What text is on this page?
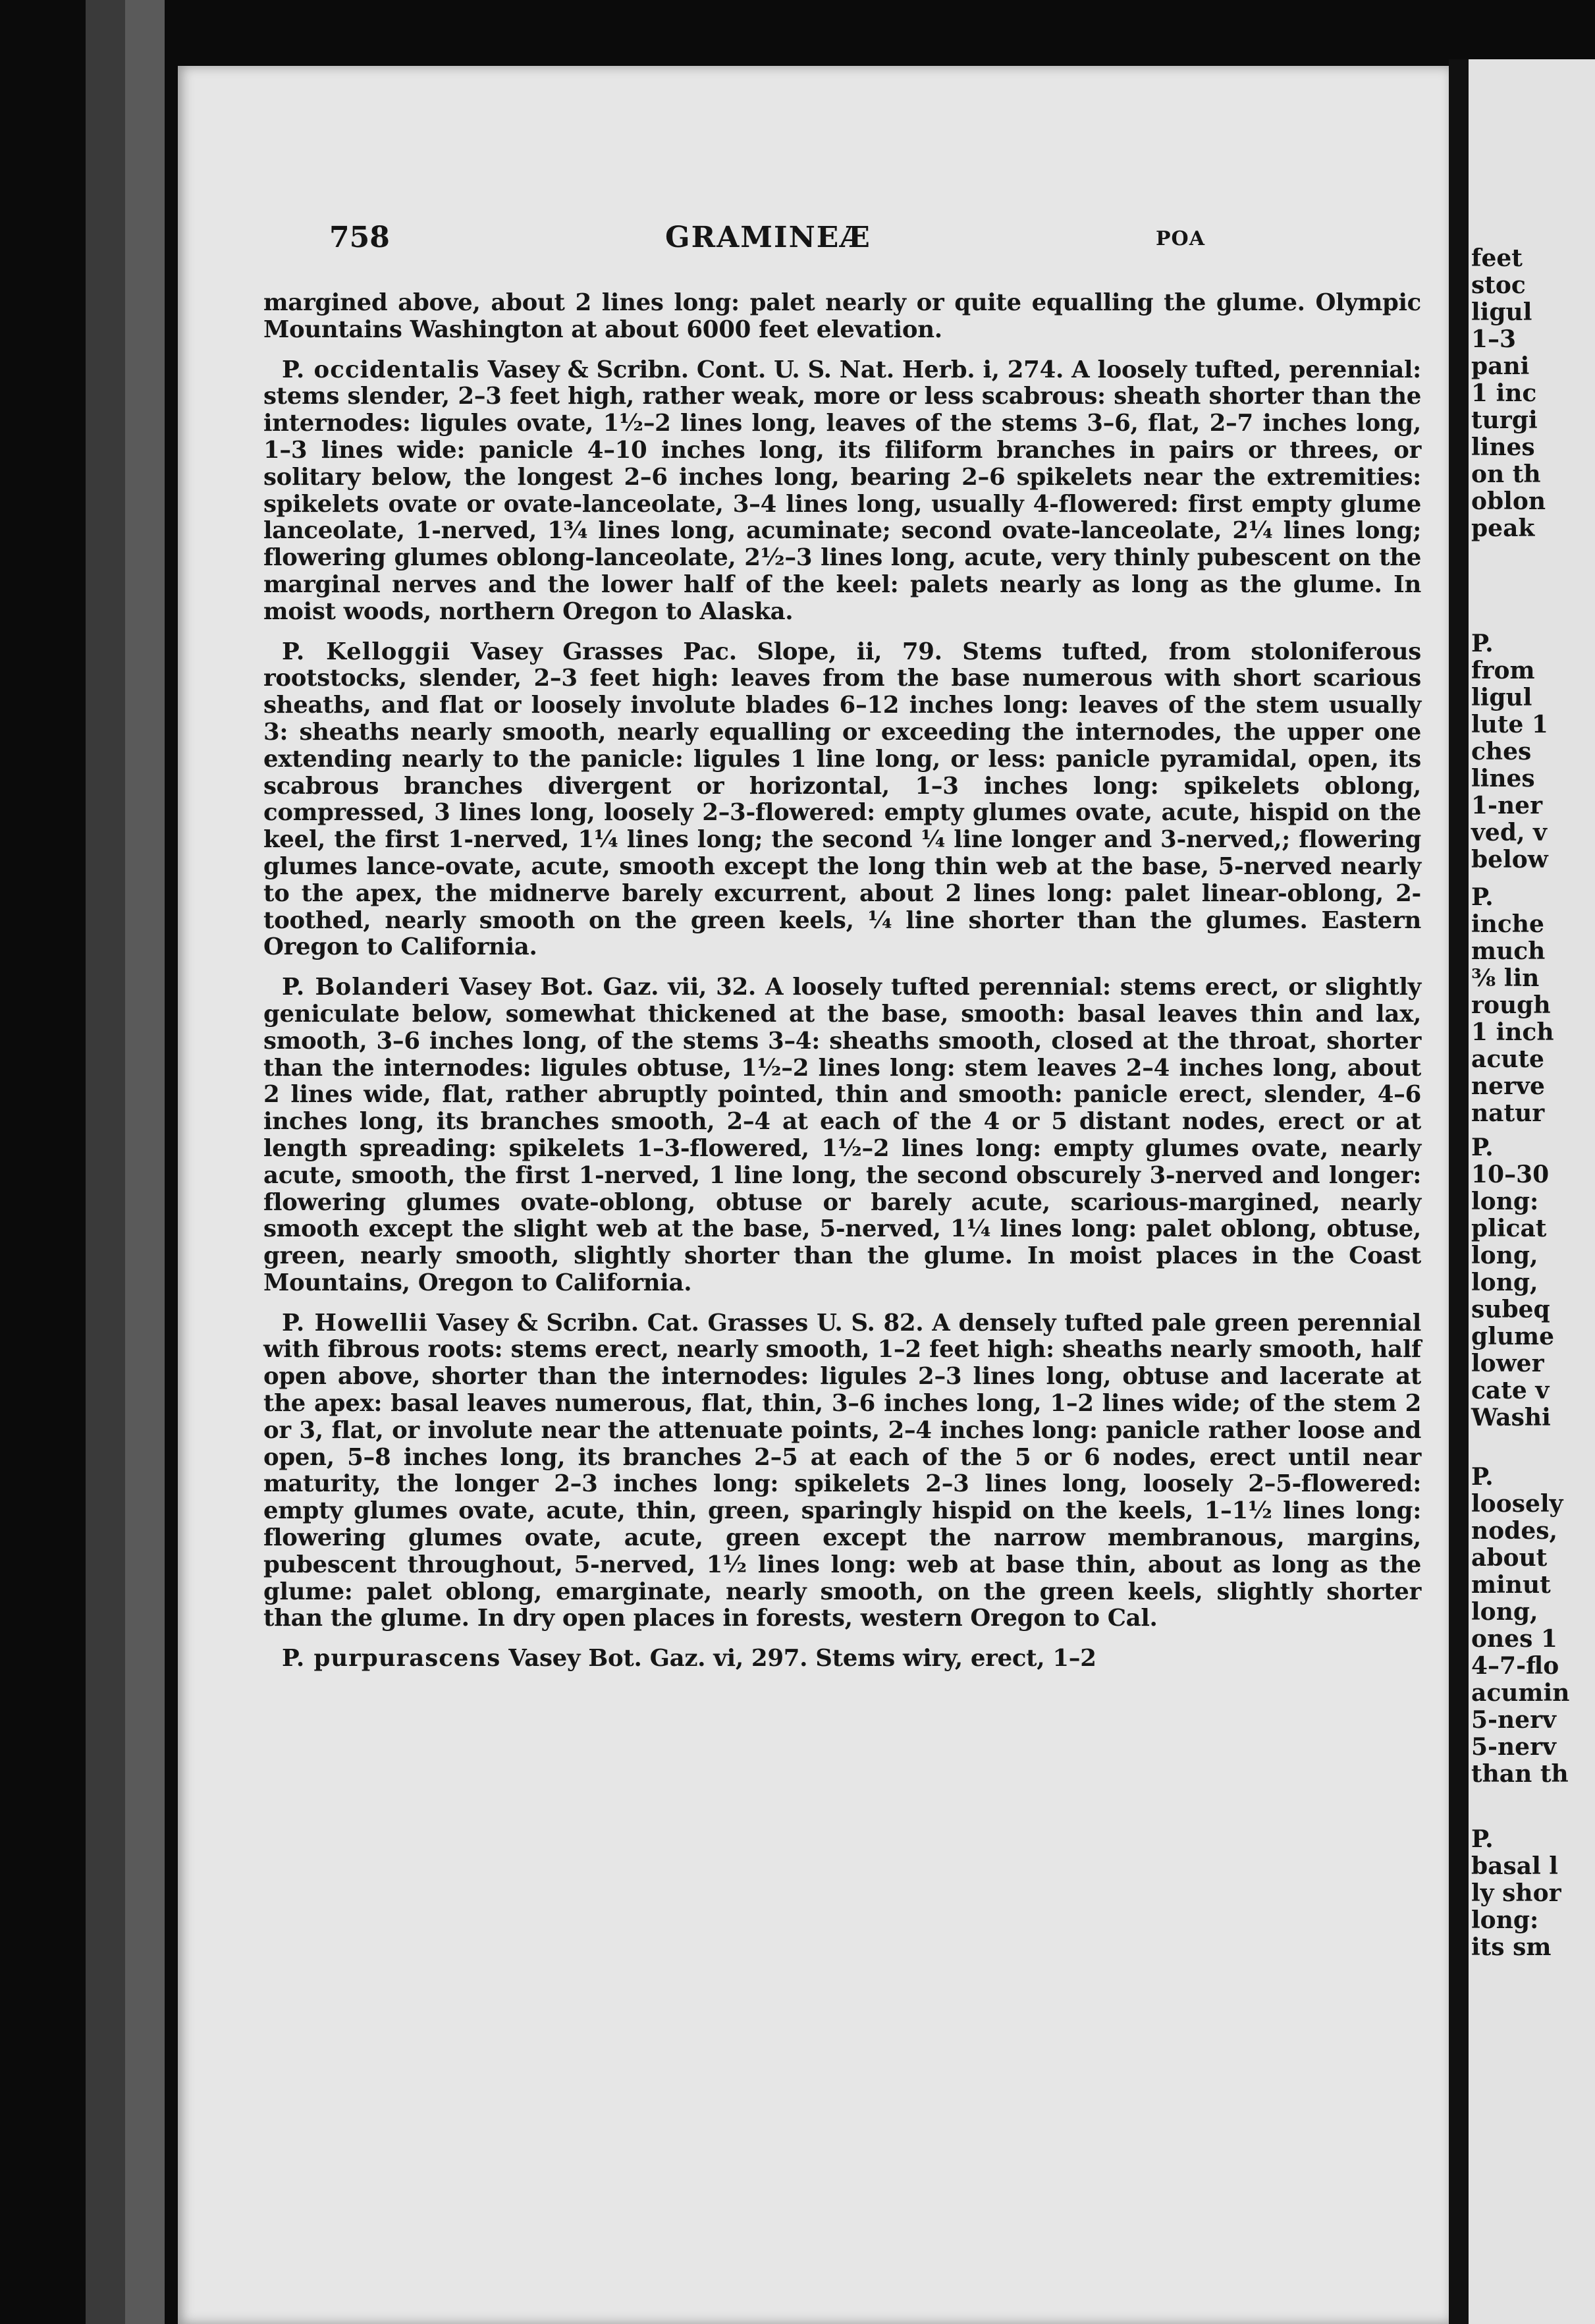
758	GRAMINEÆ	POA

margined above, about 2 lines long: palet nearly or quite equalling the glume. Olympic Mountains Washington at about 6000 feet elevation.

P. occidentalis Vasey & Scribn. Cont. U. S. Nat. Herb. i, 274. A loosely tufted, perennial: stems slender, 2–3 feet high, rather weak, more or less scabrous: sheath shorter than the internodes: ligules ovate, 1½–2 lines long, leaves of the stems 3–6, flat, 2–7 inches long, 1–3 lines wide: panicle 4–10 inches long, its filiform branches in pairs or threes, or solitary below, the longest 2–6 inches long, bearing 2–6 spikelets near the extremities: spikelets ovate or ovate-lanceolate, 3–4 lines long, usually 4-flowered: first empty glume lanceolate, 1-nerved, 1¾ lines long, acuminate; second ovate-lanceolate, 2¼ lines long; flowering glumes oblong-lanceolate, 2½–3 lines long, acute, very thinly pubescent on the marginal nerves and the lower half of the keel: palets nearly as long as the glume. In moist woods, northern Oregon to Alaska.

P. Kelloggii Vasey Grasses Pac. Slope, ii, 79. Stems tufted, from stoloniferous rootstocks, slender, 2–3 feet high: leaves from the base numerous with short scarious sheaths, and flat or loosely involute blades 6–12 inches long: leaves of the stem usually 3: sheaths nearly smooth, nearly equalling or exceeding the internodes, the upper one extending nearly to the panicle: ligules 1 line long, or less: panicle pyramidal, open, its scabrous branches divergent or horizontal, 1–3 inches long: spikelets oblong, compressed, 3 lines long, loosely 2–3-flowered: empty glumes ovate, acute, hispid on the keel, the first 1-nerved, 1¼ lines long; the second ¼ line longer and 3-nerved,; flowering glumes lance-ovate, acute, smooth except the long thin web at the base, 5-nerved nearly to the apex, the midnerve barely excurrent, about 2 lines long: palet linear-oblong, 2-toothed, nearly smooth on the green keels, ¼ line shorter than the glumes. Eastern Oregon to California.

P. Bolanderi Vasey Bot. Gaz. vii, 32. A loosely tufted perennial: stems erect, or slightly geniculate below, somewhat thickened at the base, smooth: basal leaves thin and lax, smooth, 3–6 inches long, of the stems 3–4: sheaths smooth, closed at the throat, shorter than the internodes: ligules obtuse, 1½–2 lines long: stem leaves 2–4 inches long, about 2 lines wide, flat, rather abruptly pointed, thin and smooth: panicle erect, slender, 4–6 inches long, its branches smooth, 2–4 at each of the 4 or 5 distant nodes, erect or at length spreading: spikelets 1–3-flowered, 1½–2 lines long: empty glumes ovate, nearly acute, smooth, the first 1-nerved, 1 line long, the second obscurely 3-nerved and longer: flowering glumes ovate-oblong, obtuse or barely acute, scarious-margined, nearly smooth except the slight web at the base, 5-nerved, 1¼ lines long: palet oblong, obtuse, green, nearly smooth, slightly shorter than the glume. In moist places in the Coast Mountains, Oregon to California.

P. Howellii Vasey & Scribn. Cat. Grasses U. S. 82. A densely tufted pale green perennial with fibrous roots: stems erect, nearly smooth, 1–2 feet high: sheaths nearly smooth, half open above, shorter than the internodes: ligules 2–3 lines long, obtuse and lacerate at the apex: basal leaves numerous, flat, thin, 3–6 inches long, 1–2 lines wide; of the stem 2 or 3, flat, or involute near the attenuate points, 2–4 inches long: panicle rather loose and open, 5–8 inches long, its branches 2–5 at each of the 5 or 6 nodes, erect until near maturity, the longer 2–3 inches long: spikelets 2–3 lines long, loosely 2–5-flowered: empty glumes ovate, acute, thin, green, sparingly hispid on the keels, 1–1½ lines long: flowering glumes ovate, acute, green except the narrow membranous, margins, pubescent throughout, 5-nerved, 1½ lines long: web at base thin, about as long as the glume: palet oblong, emarginate, nearly smooth, on the green keels, slightly shorter than the glume. In dry open places in forests, western Oregon to Cal.

P. purpurascens Vasey Bot. Gaz. vi, 297. Stems wiry, erect, 1–2

feet
stoc
ligul
1–3
pani
1 inc
turgi
lines
on th
oblon
peak
P.
from
ligul
lute 1
ches
lines
1-ner
ved, v
below
P.
inche
much
⅜ lin
rough
1 inch
acute
nerve
natur
P.
10–30
long:
plicat
long,
long,
subeq
glume
lower
cate v
Washi
P.
loosely
nodes,
about
minut
long,
ones 1
4–7-flo
acumin
5-nerv
5-nerv
than th
P.
basal l
ly shor
long:
its sm
